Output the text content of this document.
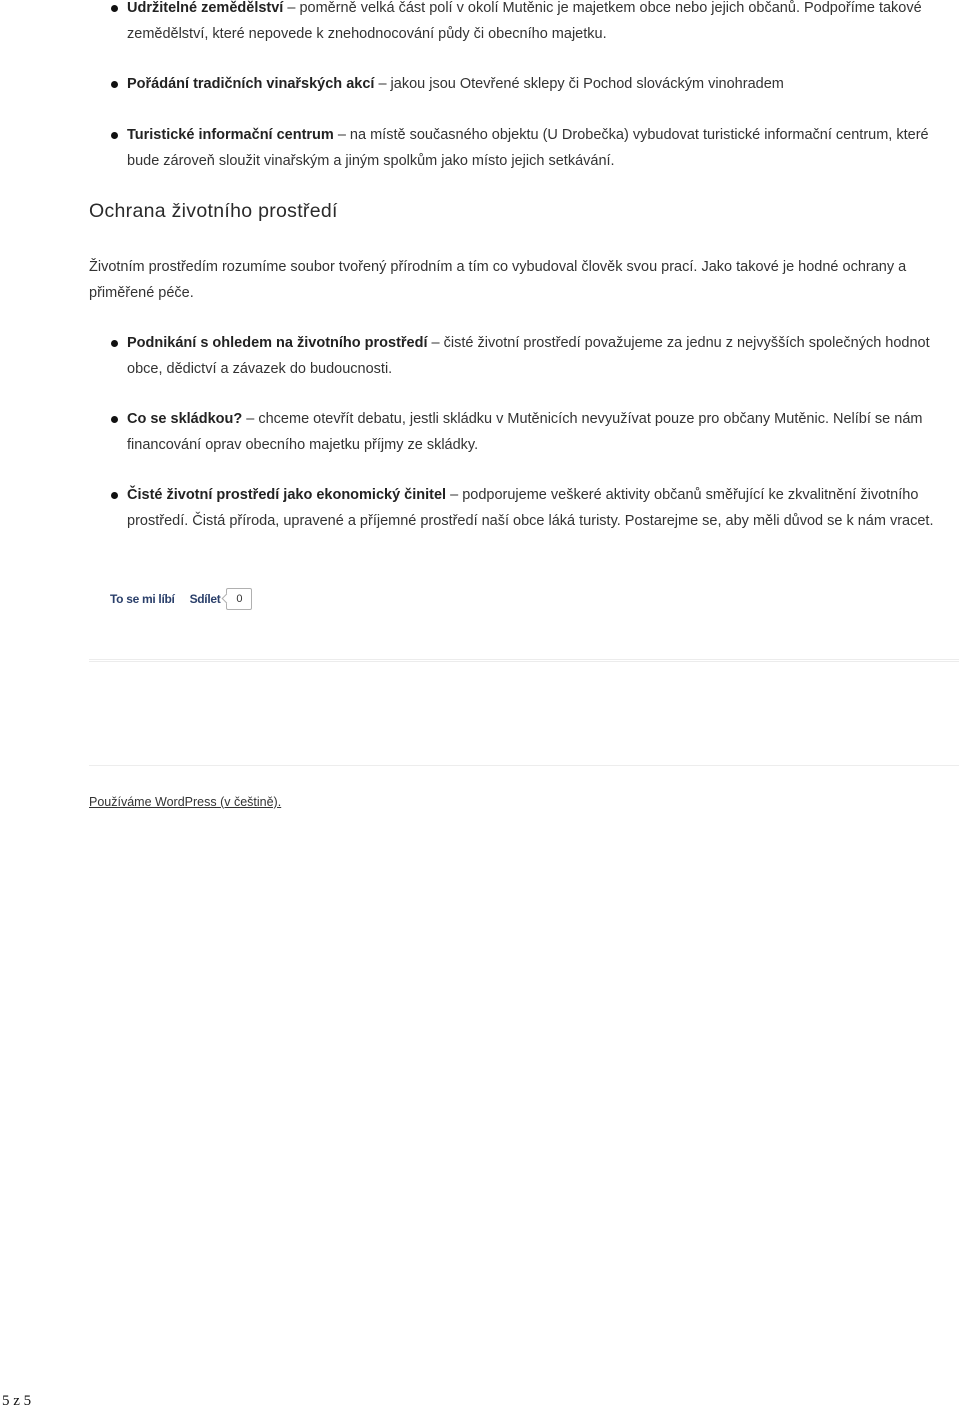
Udržitelné zemědělství – poměrně velká část polí v okolí Mutěnic je majetkem obce nebo jejich občanů. Podpoříme takové zemědělství, které nepovede k znehodnocování půdy či obecního majetku.
Pořádání tradičních vinařských akcí – jakou jsou Otevřené sklepy či Pochod slováckým vinohradem
Turistické informační centrum – na místě současného objektu (U Drobečka) vybudovat turistické informační centrum, které bude zároveň sloužit vinařským a jiným spolkům jako místo jejich setkávání.
Ochrana životního prostředí

Životním prostředím rozumíme soubor tvořený přírodním a tím co vybudoval člověk svou prací. Jako takové je hodné ochrany a přiměřené péče.

Podnikání s ohledem na životního prostředí – čisté životní prostředí považujeme za jednu z nejvyšších společných hodnot obce, dědictví a závazek do budoucnosti.
Co se skládkou? – chceme otevřít debatu, jestli skládku v Mutěnicích nevyužívat pouze pro občany Mutěnic. Nelíbí se nám financování oprav obecního majetku příjmy ze skládky.
Čisté životní prostředí jako ekonomický činitel – podporujeme veškeré aktivity občanů směřující ke zkvalitnění životního prostředí. Čistá příroda, upravené a příjemné prostředí naší obce láká turisty. Postarejme se, aby měli důvod se k nám vracet.
To se mi líbí Sdílet	0
Používáme WordPress (v češtině).
5 z 5
